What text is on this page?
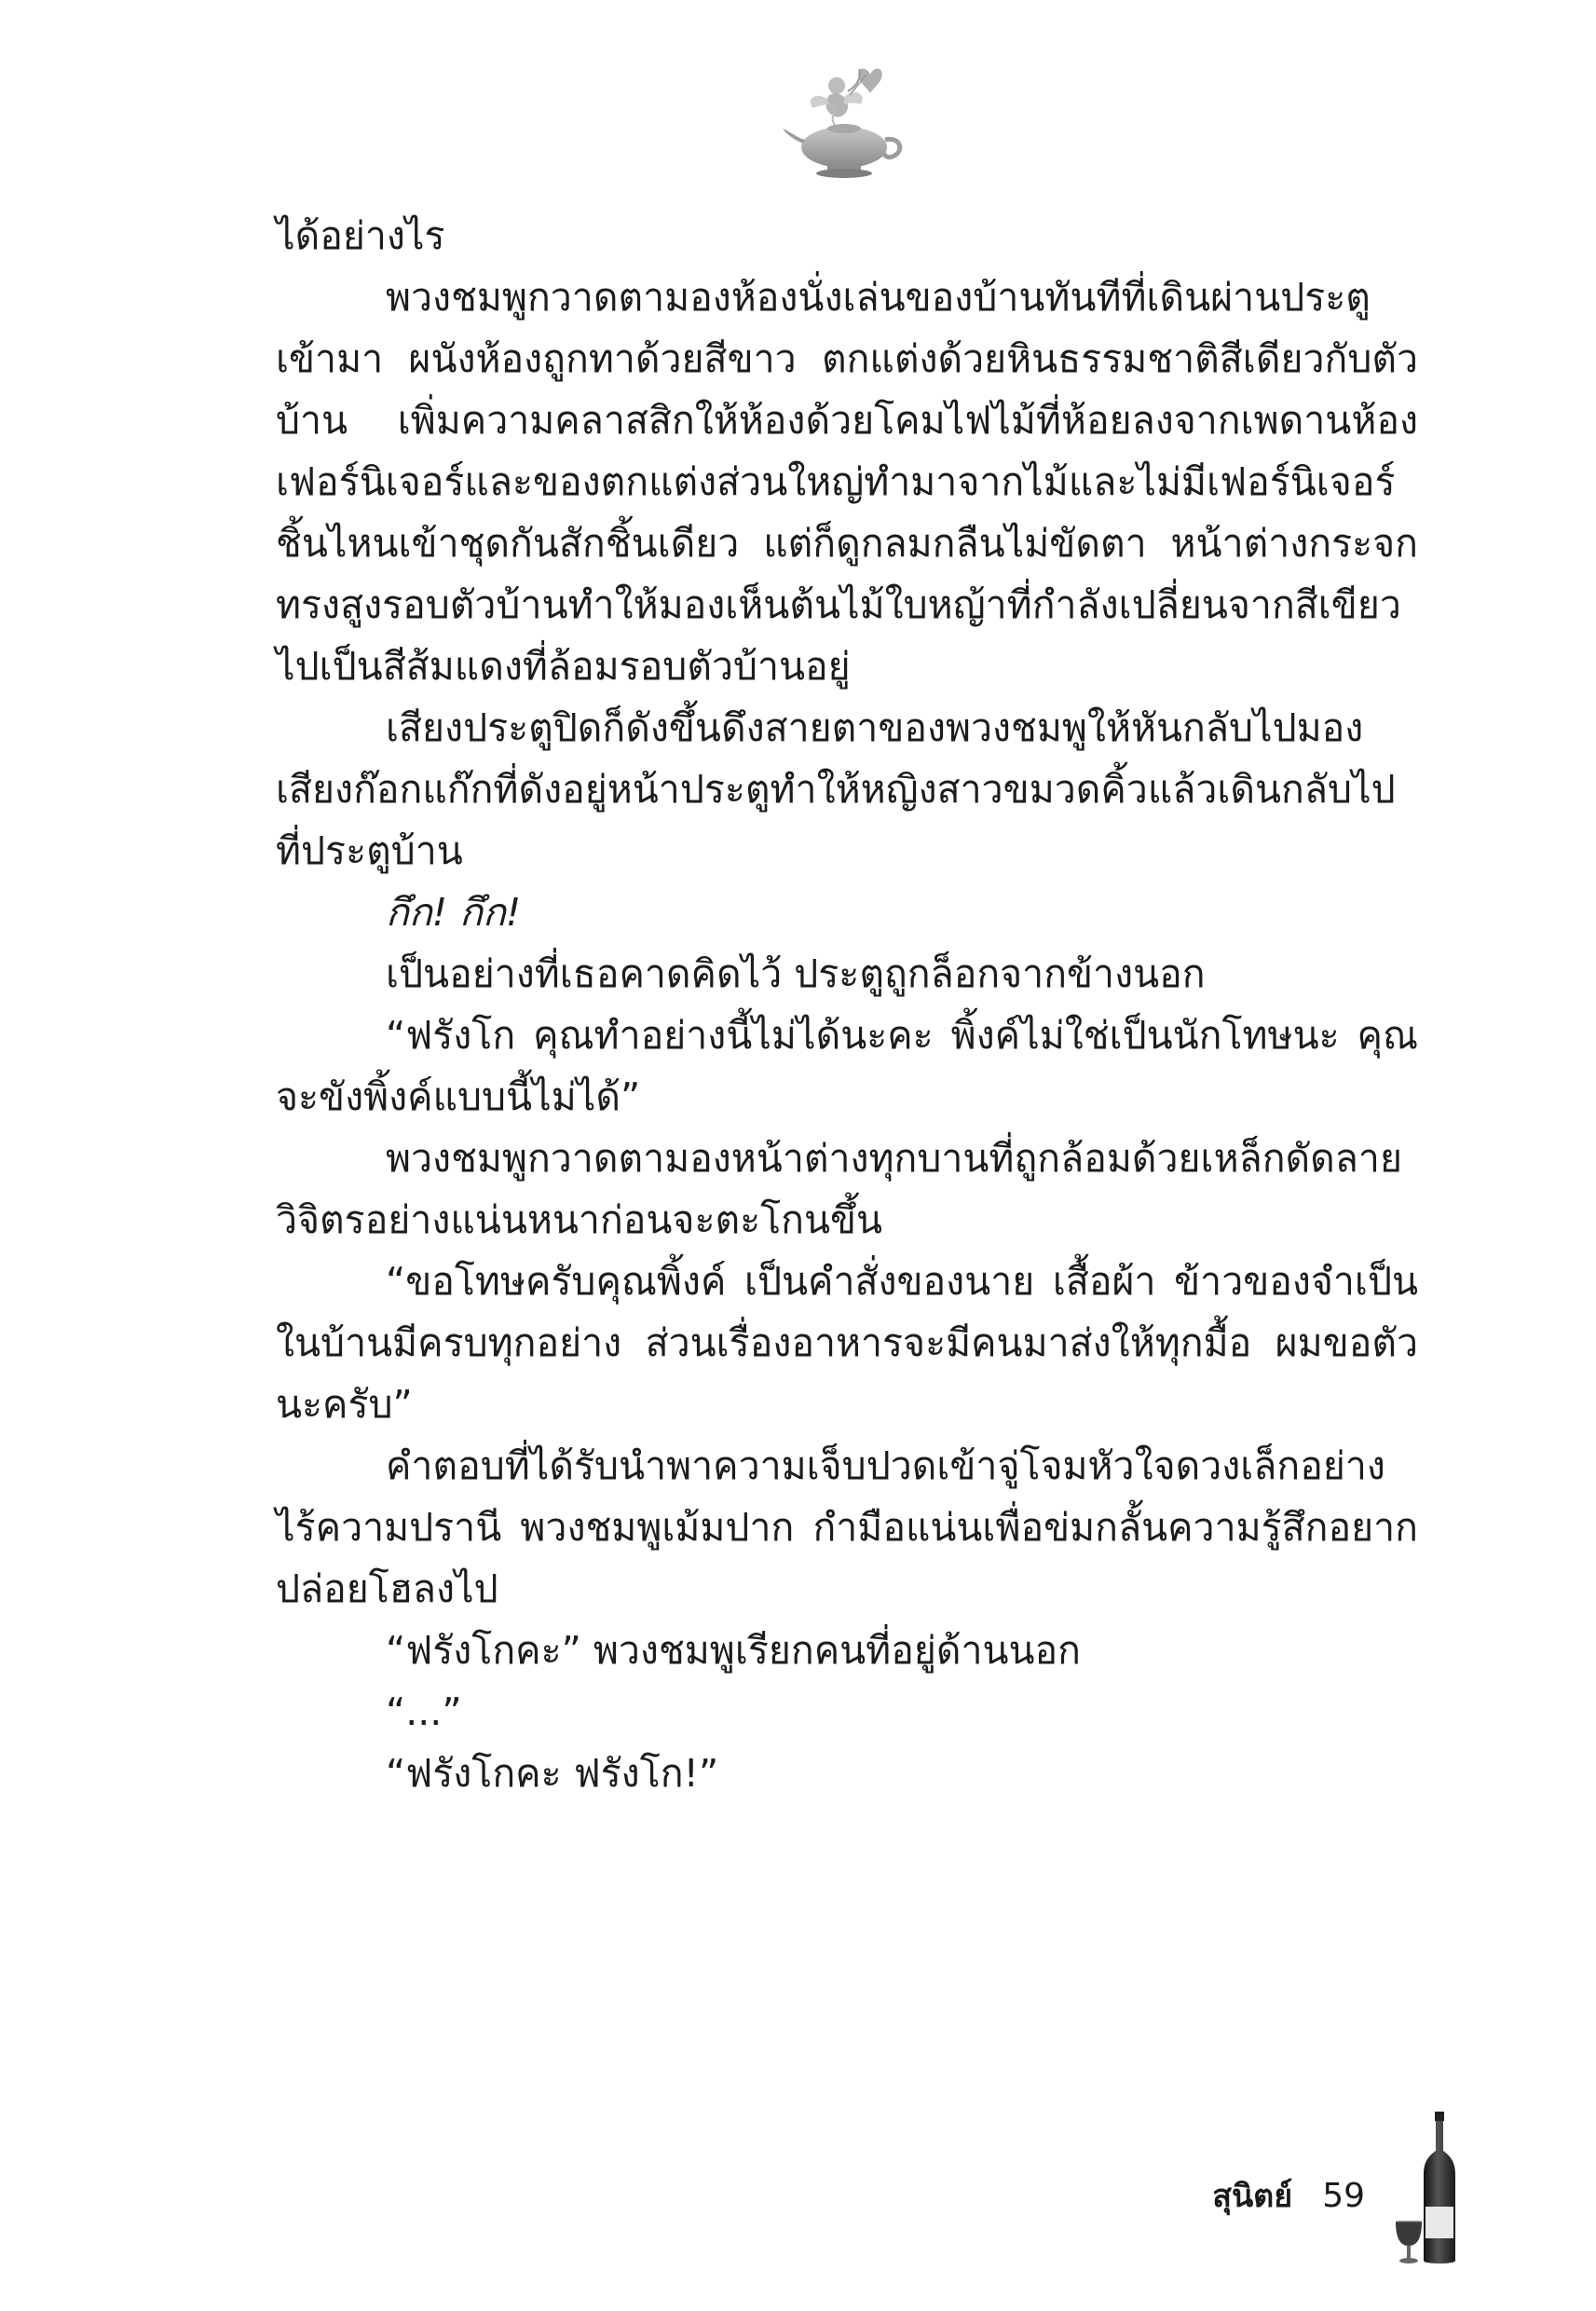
ได้อย่างไร

พวงชมพูกวาดตามองห้องนั่งเล่นของบ้านทันทีที่เดินผ่านประตูเข้ามา ผนังห้องถูกทาด้วยสีขาว ตกแต่งด้วยหินธรรมชาติสีเดียวกับตัวบ้าน เพิ่มความคลาสสิกให้ห้องด้วยโคมไฟไม้ที่ห้อยลงจากเพดานห้อง เฟอร์นิเจอร์และของตกแต่งส่วนใหญ่ทำมาจากไม้และไม่มีเฟอร์นิเจอร์ชิ้นไหนเข้าชุดกันสักชิ้นเดียว แต่ก็ดูกลมกลืนไม่ขัดตา หน้าต่างกระจกทรงสูงรอบตัวบ้านทำให้มองเห็นต้นไม้ใบหญ้าที่กำลังเปลี่ยนจากสีเขียวไปเป็นสีส้มแดงที่ล้อมรอบตัวบ้านอยู่

เสียงประตูปิดก็ดังขึ้นดึงสายตาของพวงชมพูให้หันกลับไปมอง เสียงก๊อกแก๊กที่ดังอยู่หน้าประตูทำให้หญิงสาวขมวดคิ้วแล้วเดินกลับไปที่ประตูบ้าน

กึก! กึก!

เป็นอย่างที่เธอคาดคิดไว้ ประตูถูกล็อกจากข้างนอก

“ฟรังโก คุณทำอย่างนี้ไม่ได้นะคะ พิ้งค์ไม่ใช่เป็นนักโทษนะ คุณจะขังพิ้งค์แบบนี้ไม่ได้”

พวงชมพูกวาดตามองหน้าต่างทุกบานที่ถูกล้อมด้วยเหล็กดัดลายวิจิตรอย่างแน่นหนาก่อนจะตะโกนขึ้น

“ขอโทษครับคุณพิ้งค์ เป็นคำสั่งของนาย เสื้อผ้า ข้าวของจำเป็นในบ้านมีครบทุกอย่าง ส่วนเรื่องอาหารจะมีคนมาส่งให้ทุกมื้อ ผมขอตัวนะครับ”

คำตอบที่ได้รับนำพาความเจ็บปวดเข้าจู่โจมหัวใจดวงเล็กอย่างไร้ความปรานี พวงชมพูเม้มปาก กำมือแน่นเพื่อข่มกลั้นความรู้สึกอยากปล่อยโฮลงไป

“ฟรังโกคะ” พวงชมพูเรียกคนที่อยู่ด้านนอก

“...”

“ฟรังโกคะ ฟรังโก!”

สุนิตย์ 59
